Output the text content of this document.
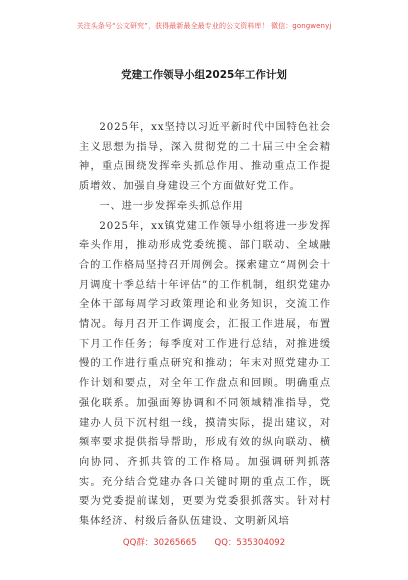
关注头条号“公文研究”，获得最新最全最专业的公文资料库！ 微信：gongwenyj
党建工作领导小组2025年工作计划

2025年，xx坚持以习近平新时代中国特色社会主义思想为指导，深入贯彻党的二十届三中全会精神，重点围绕发挥牵头抓总作用、推动重点工作提质增效、加强自身建设三个方面做好党工作。

一、进一步发挥牵头抓总作用

2025年，xx镇党建工作领导小组将进一步发挥牵头作用，推动形成党委统揽、部门联动、全域融合的工作格局坚持召开周例会。探索建立“周例会十月调度十季总结十年评估”的工作机制，组织党建办全体干部每周学习政策理论和业务知识，交流工作情况。每月召开工作调度会，汇报工作进展，布置下月工作任务；每季度对工作进行总结，对推进缓慢的工作进行重点研究和推动；年末对照党建办工作计划和要点，对全年工作盘点和回顾。明确重点强化联系。加强面筹协调和不同领域精准指导，党建办人员下沉村组一线，摸清实际，提出建议，对频率要求提供指导帮助，形成有效的纵向联动、横向协同、齐抓共管的工作格局。加强调研判抓落实。充分结合党建办各口关键时期的重点工作，既要为党委提前谋划，更要为党委狠抓落实。针对村集体经济、村级后备队伍建设、文明新风培

QQ群：30265665 QQ：535304092
